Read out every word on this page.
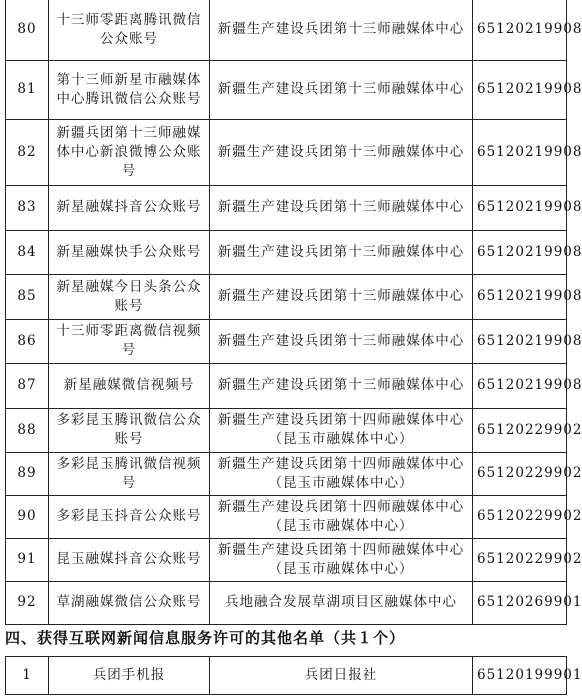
80	十三师零距离腾讯微信公众账号	新疆生产建设兵团第十三师融媒体中心	65120219908
81	第十三师新星市融媒体中心腾讯微信公众账号	新疆生产建设兵团第十三师融媒体中心	65120219908
82	新疆兵团第十三师融媒体中心新浪微博公众账号	新疆生产建设兵团第十三师融媒体中心	65120219908
83	新星融媒抖音公众账号	新疆生产建设兵团第十三师融媒体中心	65120219908
84	新星融媒快手公众账号	新疆生产建设兵团第十三师融媒体中心	65120219908
85	新星融媒今日头条公众账号	新疆生产建设兵团第十三师融媒体中心	65120219908
86	十三师零距离微信视频号	新疆生产建设兵团第十三师融媒体中心	65120219908
87	新星融媒微信视频号	新疆生产建设兵团第十三师融媒体中心	65120219908
88	多彩昆玉腾讯微信公众账号	新疆生产建设兵团第十四师融媒体中心（昆玉市融媒体中心）	65120229902
89	多彩昆玉腾讯微信视频号	新疆生产建设兵团第十四师融媒体中心（昆玉市融媒体中心）	65120229902
90	多彩昆玉抖音公众账号	新疆生产建设兵团第十四师融媒体中心（昆玉市融媒体中心）	65120229902
91	昆玉融媒抖音公众账号	新疆生产建设兵团第十四师融媒体中心（昆玉市融媒体中心）	65120229902
92	草湖融媒微信公众账号	兵地融合发展草湖项目区融媒体中心	65120269901
四、获得互联网新闻信息服务许可的其他名单（共１个）
1	兵团手机报	兵团日报社	65120199901
